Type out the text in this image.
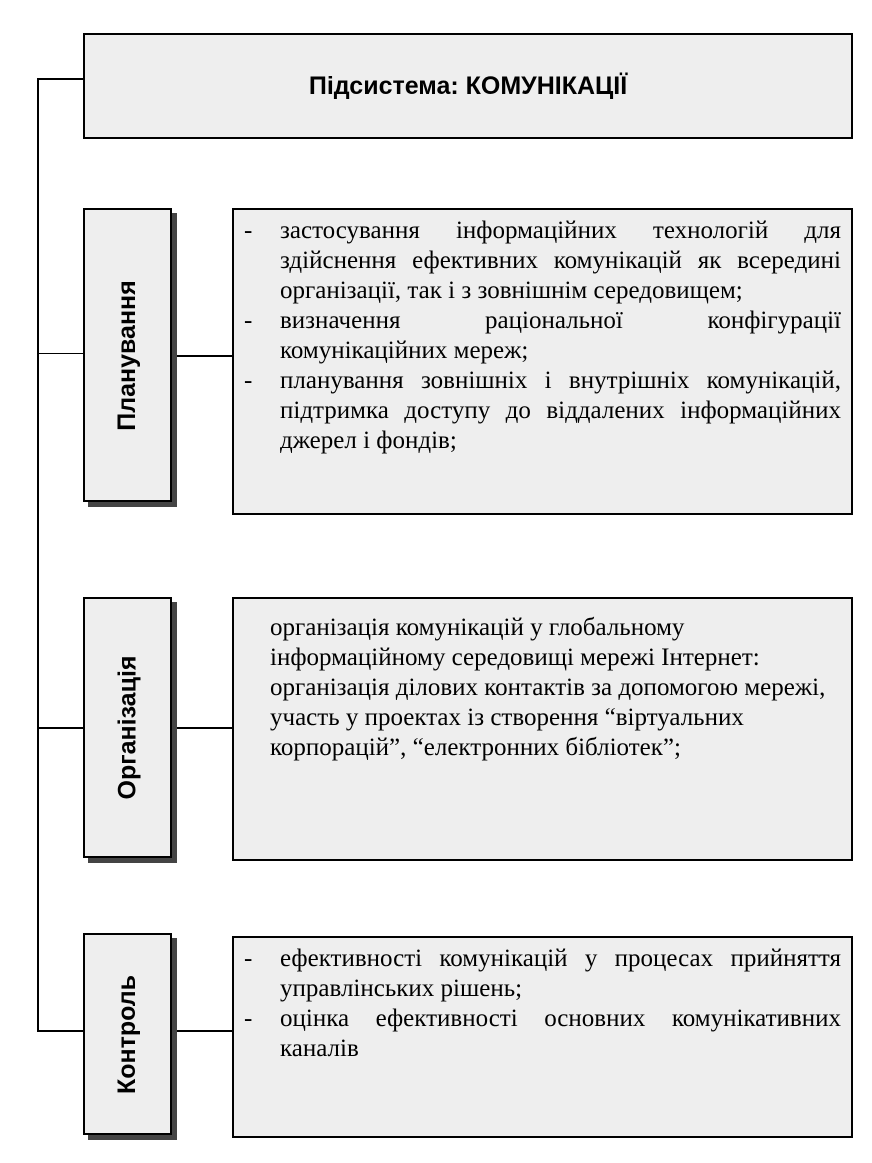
Підсистема: КОМУНІКАЦІЇ
Планування
- застосування інформаційних технологій для здійснення ефективних комунікацій як всередині організації, так і з зовнішнім середовищем;
- визначення раціональної конфігурації комунікаційних мереж;
- планування зовнішніх і внутрішніх комунікацій, підтримка доступу до віддалених інформаційних джерел і фондів;
Організація
організація комунікацій у глобальному інформаційному середовищі мережі Інтернет: організація ділових контактів за допомогою мережі, участь у проектах із створення “віртуальних корпорацій”, “електронних бібліотек”;
Контроль
- ефективності комунікацій у процесах прийняття управлінських рішень;
- оцінка ефективності основних комунікативних каналів
